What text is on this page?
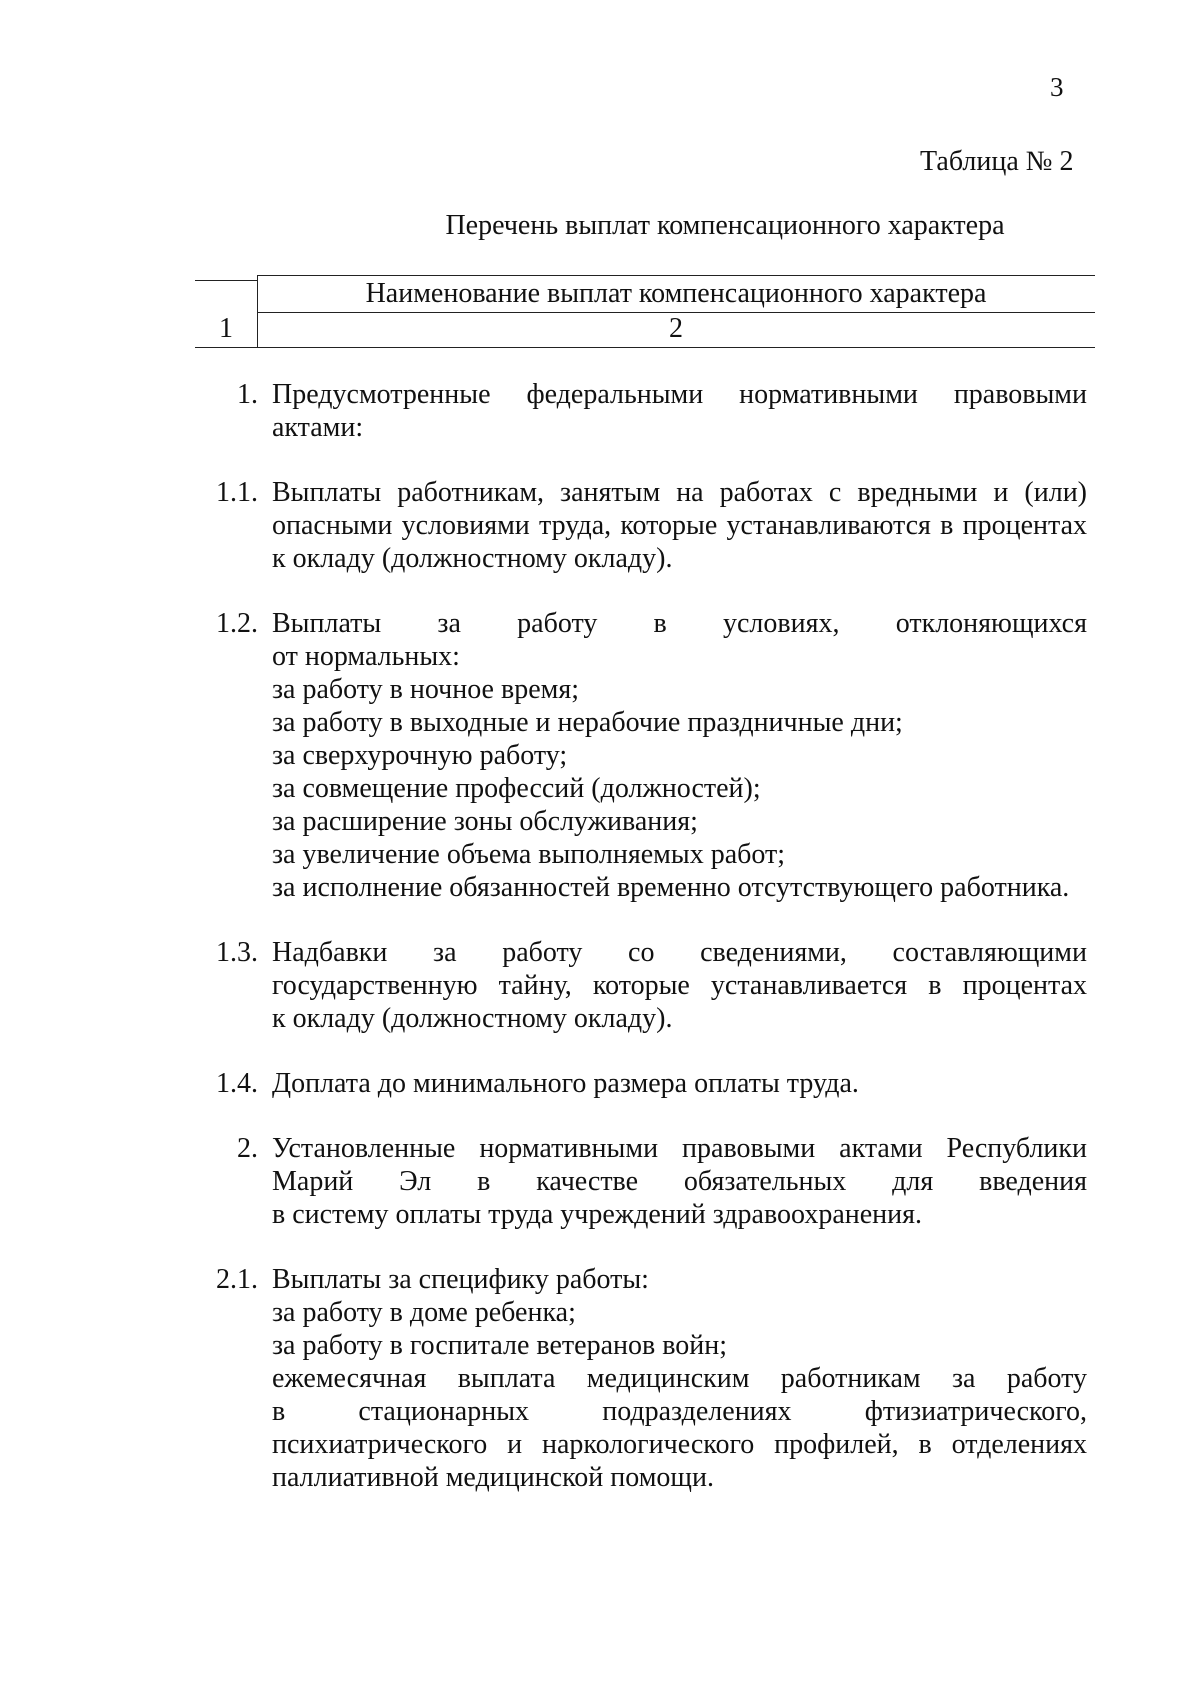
3
Таблица № 2
Перечень выплат компенсационного характера
Наименование выплат компенсационного характера
1	2
1. Предусмотренные федеральными нормативными правовыми
актами:
1.1. Выплаты работникам, занятым на работах с вредными и (или)
опасными условиями труда, которые устанавливаются в процентах
к окладу (должностному окладу).
1.2. Выплаты за работу в условиях, отклоняющихся
от нормальных:
за работу в ночное время;
за работу в выходные и нерабочие праздничные дни;
за сверхурочную работу;
за совмещение профессий (должностей);
за расширение зоны обслуживания;
за увеличение объема выполняемых работ;
за исполнение обязанностей временно отсутствующего работника.
1.3. Надбавки за работу со сведениями, составляющими
государственную тайну, которые устанавливается в процентах
к окладу (должностному окладу).
1.4. Доплата до минимального размера оплаты труда.
2. Установленные нормативными правовыми актами Республики
Марий Эл в качестве обязательных для введения
в систему оплаты труда учреждений здравоохранения.
2.1. Выплаты за специфику работы:
за работу в доме ребенка;
за работу в госпитале ветеранов войн;
ежемесячная выплата медицинским работникам за работу
в стационарных подразделениях фтизиатрического,
психиатрического и наркологического профилей, в отделениях
паллиативной медицинской помощи.
